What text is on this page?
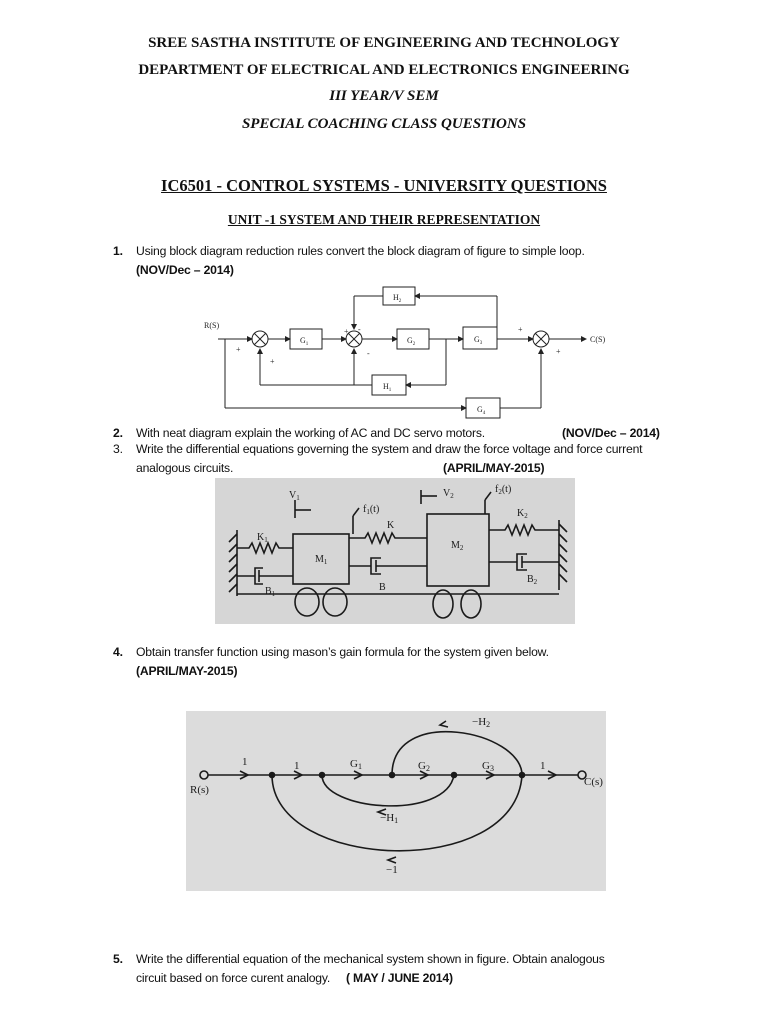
SREE SASTHA INSTITUTE OF ENGINEERING AND TECHNOLOGY
DEPARTMENT OF ELECTRICAL AND ELECTRONICS ENGINEERING
III YEAR/V SEM
SPECIAL COACHING CLASS QUESTIONS
IC6501 - CONTROL SYSTEMS - UNIVERSITY QUESTIONS
UNIT -1 SYSTEM AND THEIR REPRESENTATION
1. Using block diagram reduction rules convert the block diagram of figure to simple loop.
(NOV/Dec – 2014)
R(S)
C(S)
$H_2$
$G_1$	$G_2$
$G_3$
$H_1$
$G_4$
+
+
+ -
-
+
+
2. With neat diagram explain the working of AC and DC servo motors.	(NOV/Dec – 2014)
3. Write the differential equations governing the system and draw the force voltage and force current
analogous circuits.	(APRIL/MAY-2015)
$V_1$
$f_1(t)$
$V_2$
$f_2(t)$
$K_1$
K
$K_2$
$M_1$
$M_2$
$B_1$
B
$B_2$
4. Obtain transfer function using mason’s gain formula for the system given below.
(APRIL/MAY-2015)
R(s)
C(s)
1	1	G1	G2	G3	1
−H2
−H1
−1
5. Write the differential equation of the mechanical system shown in figure. Obtain analogous
circuit based on force curent analogy. ( MAY / JUNE 2014)
